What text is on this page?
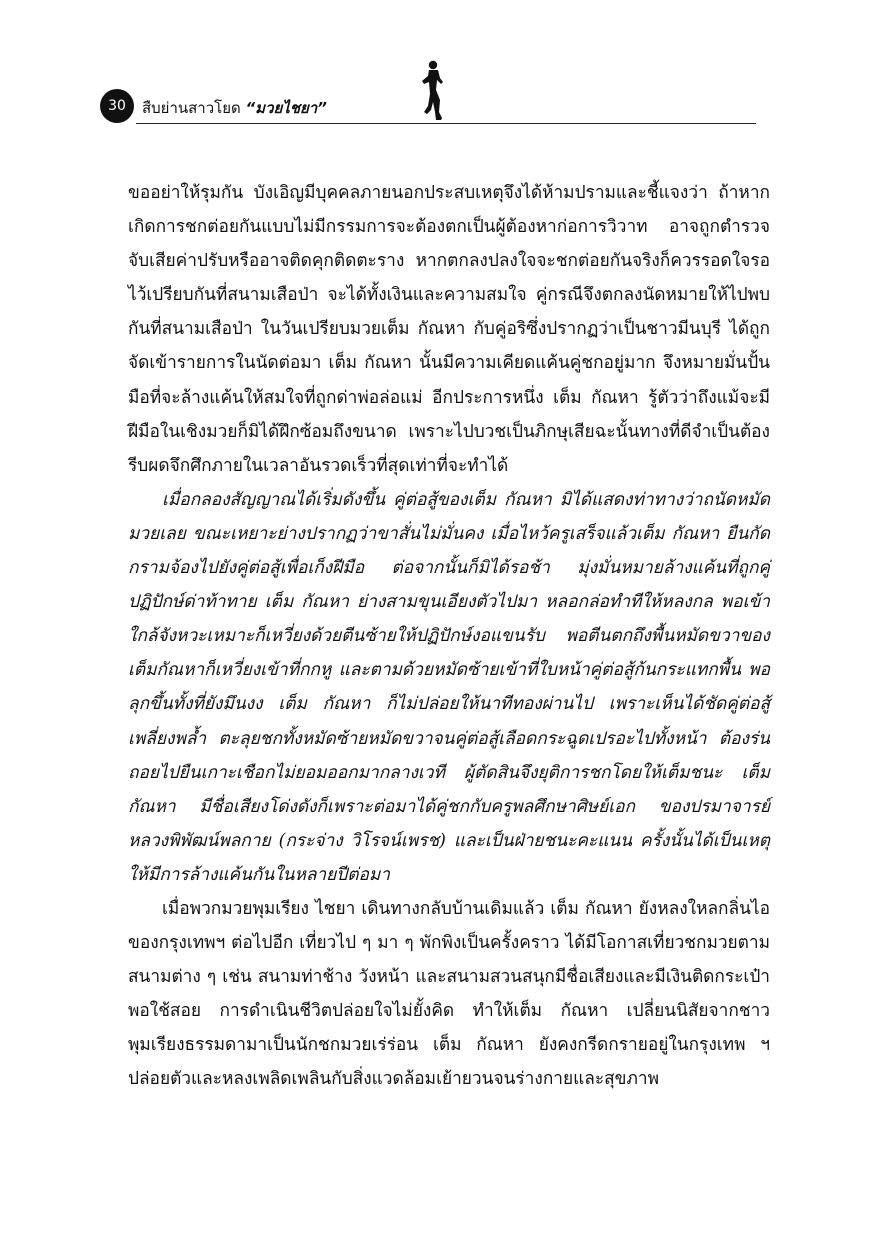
30	สืบย่านสาวโยด “มวยไชยา”

ขออย่าให้รุมกัน บังเอิญมีบุคคลภายนอกประสบเหตุจึงได้ห้ามปรามและชี้แจงว่า ถ้าหากเกิดการชกต่อยกันแบบไม่มีกรรมการจะต้องตกเป็นผู้ต้องหาก่อการวิวาท อาจถูกตำรวจจับเสียค่าปรับหรืออาจติดคุกติดตะราง หากตกลงปลงใจจะชกต่อยกันจริงก็ควรรอดใจรอไว้เปรียบกันที่สนามเสือป่า จะได้ทั้งเงินและความสมใจ คู่กรณีจึงตกลงนัดหมายให้ไปพบกันที่สนามเสือป่า ในวันเปรียบมวยเต็ม กัณหา กับคู่อริซึ่งปรากฏว่าเป็นชาวมีนบุรี ได้ถูกจัดเข้ารายการในนัดต่อมา เต็ม กัณหา นั้นมีความเคียดแค้นคู่ชกอยู่มาก จึงหมายมั่นปั้นมือที่จะล้างแค้นให้สมใจที่ถูกด่าพ่อล่อแม่ อีกประการหนึ่ง เต็ม กัณหา รู้ตัวว่าถึงแม้จะมีฝีมือในเชิงมวยก็มิได้ฝึกซ้อมถึงขนาด เพราะไปบวชเป็นภิกษุเสียฉะนั้นทางที่ดีจำเป็นต้องรีบผดจึกศึกภายในเวลาอันรวดเร็วที่สุดเท่าที่จะทำได้

เมื่อกลองสัญญาณได้เริ่มดังขึ้น คู่ต่อสู้ของเต็ม กัณหา มิได้แสดงท่าทางว่าถนัดหมัดมวยเลย ขณะเหยาะย่างปรากฏว่าขาสั่นไม่มั่นคง เมื่อไหว้ครูเสร็จแล้วเต็ม กัณหา ยืนกัดกรามจ้องไปยังคู่ต่อสู้เพื่อเก็งฝีมือ ต่อจากนั้นก็มิได้รอช้า มุ่งมั่นหมายล้างแค้นที่ถูกคู่ปฏิปักษ์ด่าท้าทาย เต็ม กัณหา ย่างสามขุนเอียงตัวไปมา หลอกล่อทำทีให้หลงกล พอเข้าใกล้จังหวะเหมาะก็เหวี่ยงด้วยตีนซ้ายให้ปฏิปักษ์งอแขนรับ พอตีนตกถึงพื้นหมัดขวาของเต็มกัณหาก็เหวี่ยงเข้าที่กกหู และตามด้วยหมัดซ้ายเข้าที่ใบหน้าคู่ต่อสู้ก้นกระแทกพื้น พอลุกขึ้นทั้งที่ยังมึนงง เต็ม กัณหา ก็ไม่ปล่อยให้นาทีทองผ่านไป เพราะเห็นได้ชัดคู่ต่อสู้เพลี่ยงพล้ำ ตะลุยชกทั้งหมัดซ้ายหมัดขวาจนคู่ต่อสู้เลือดกระฉูดเปรอะไปทั้งหน้า ต้องร่นถอยไปยืนเกาะเชือกไม่ยอมออกมากลางเวที ผู้ตัดสินจึงยุติการชกโดยให้เต็มชนะ เต็ม กัณหา มีชื่อเสียงโด่งดังก็เพราะต่อมาได้คู่ชกกับครูพลศึกษาศิษย์เอก ของปรมาจารย์หลวงพิพัฒน์พลกาย (กระจ่าง วิโรจน์เพรช) และเป็นฝ่ายชนะคะแนน ครั้งนั้นได้เป็นเหตุให้มีการล้างแค้นกันในหลายปีต่อมา

เมื่อพวกมวยพุมเรียง ไชยา เดินทางกลับบ้านเดิมแล้ว เต็ม กัณหา ยังหลงใหลกลิ่นไอของกรุงเทพฯ ต่อไปอีก เที่ยวไป ๆ มา ๆ พักพิงเป็นครั้งคราว ได้มีโอกาสเที่ยวชกมวยตามสนามต่าง ๆ เช่น สนามท่าช้าง วังหน้า และสนามสวนสนุกมีชื่อเสียงและมีเงินติดกระเป๋าพอใช้สอย การดำเนินชีวิตปล่อยใจไม่ยั้งคิด ทำให้เต็ม กัณหา เปลี่ยนนิสัยจากชาวพุมเรียงธรรมดามาเป็นนักชกมวยเร่ร่อน เต็ม กัณหา ยังคงกรีดกรายอยู่ในกรุงเทพ ฯ ปล่อยตัวและหลงเพลิดเพลินกับสิ่งแวดล้อมเย้ายวนจนร่างกายและสุขภาพ
